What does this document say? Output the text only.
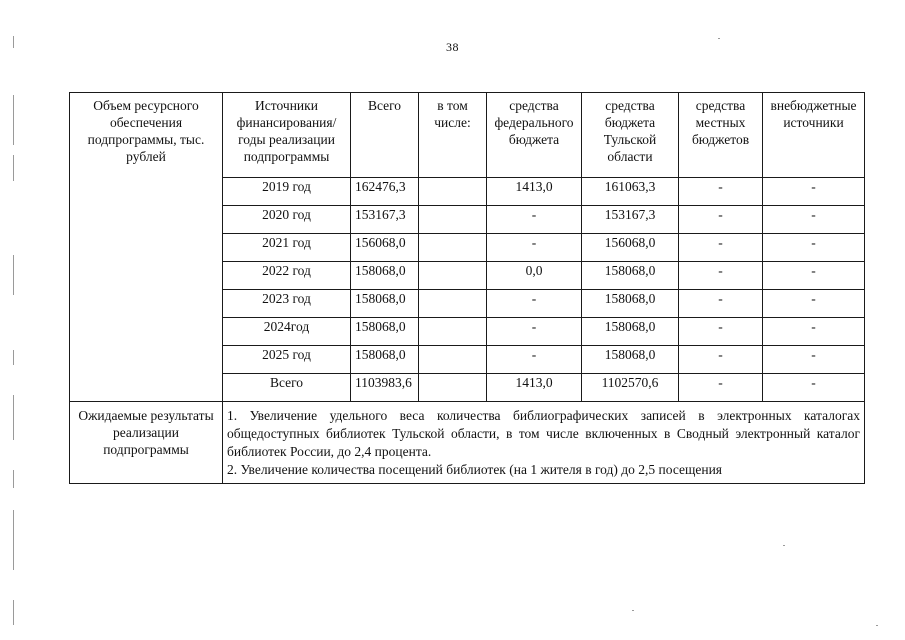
38
Объем ресурсного обеспечения подпрограммы, тыс. рублей	Источники финансирования/ годы реализации подпрограммы	Всего	в том числе:	средства федерального бюджета	средства бюджета Тульской области	средства местных бюджетов	внебюджетные источники
	2019 год	162476,3		1413,0	161063,3	-	-
	2020 год	153167,3		-	153167,3	-	-
	2021 год	156068,0		-	156068,0	-	-
	2022 год	158068,0		0,0	158068,0	-	-
	2023 год	158068,0		-	158068,0	-	-
	2024год	158068,0		-	158068,0	-	-
	2025 год	158068,0		-	158068,0	-	-
	Всего	1103983,6		1413,0	1102570,6	-	-
Ожидаемые результаты реализации подпрограммы	1. Увеличение удельного веса количества библиографических записей в электронных каталогах общедоступных библиотек Тульской области, в том числе включенных в Сводный электронный каталог библиотек России, до 2,4 процента.

2. Увеличение количества посещений библиотек (на 1 жителя в год) до 2,5 посещения						
